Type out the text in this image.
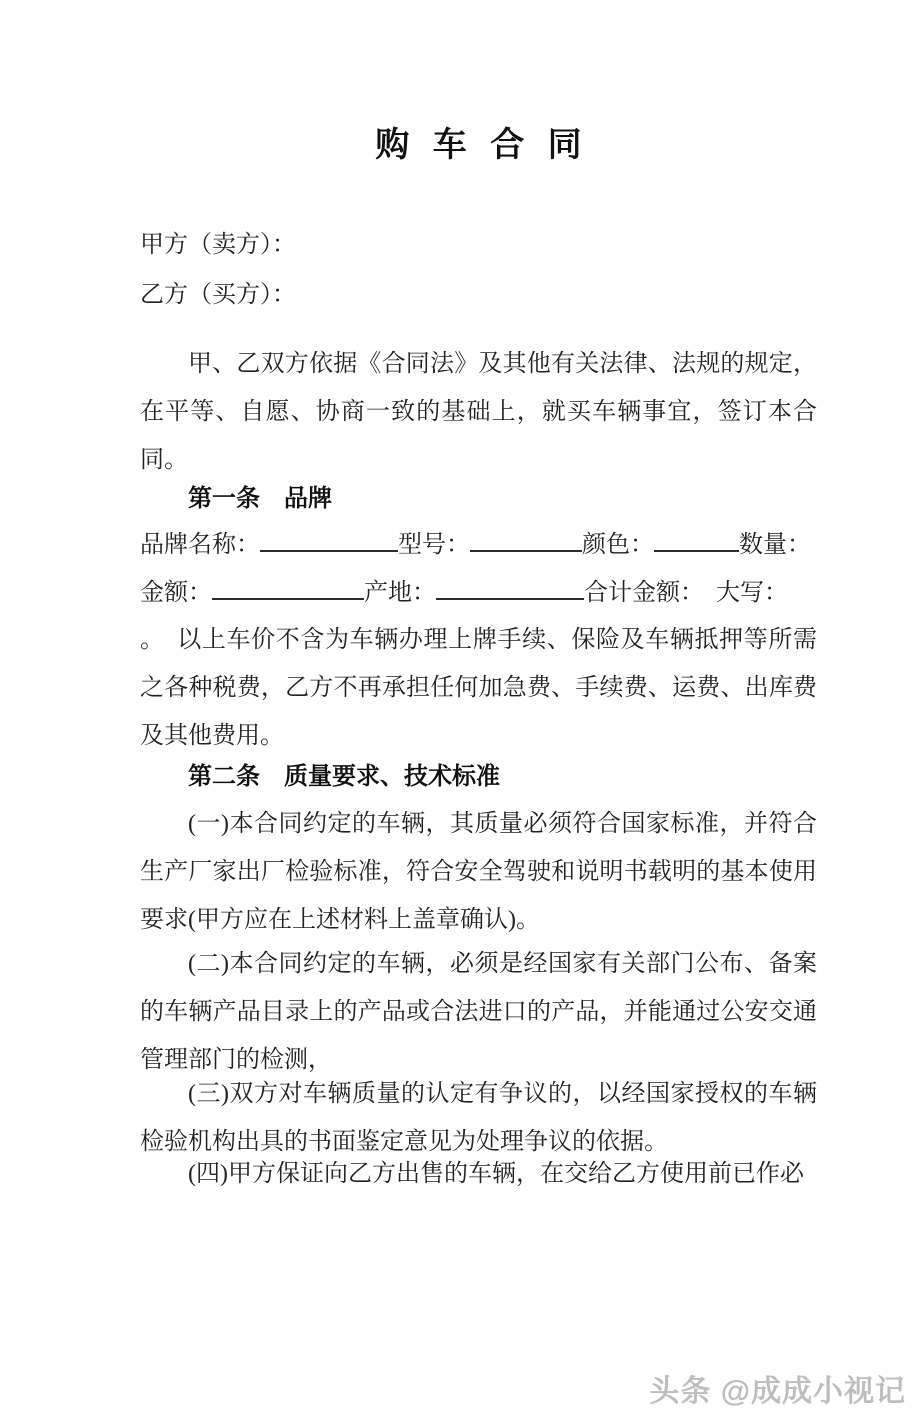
购 车 合 同

甲方（卖方）：

乙方（买方）：

甲、乙双方依据《合同法》及其他有关法律、法规的规定，在平等、自愿、协商一致的基础上，就买车辆事宜，签订本合同。

第一条　品牌

品牌名称：	型号：	颜色：	数量：

金额：	产地：	合计金额： 大写：

。　以上车价不含为车辆办理上牌手续、保险及车辆抵押等所需之各种税费，乙方不再承担任何加急费、手续费、运费、出库费及其他费用。

第二条　质量要求、技术标准

(一)本合同约定的车辆，其质量必须符合国家标准，并符合生产厂家出厂检验标准，符合安全驾驶和说明书载明的基本使用要求(甲方应在上述材料上盖章确认)。

(二)本合同约定的车辆，必须是经国家有关部门公布、备案的车辆产品目录上的产品或合法进口的产品，并能通过公安交通管理部门的检测，

(三)双方对车辆质量的认定有争议的，以经国家授权的车辆检验机构出具的书面鉴定意见为处理争议的依据。

(四)甲方保证向乙方出售的车辆，在交给乙方使用前已作必

头条 @成成小视记
